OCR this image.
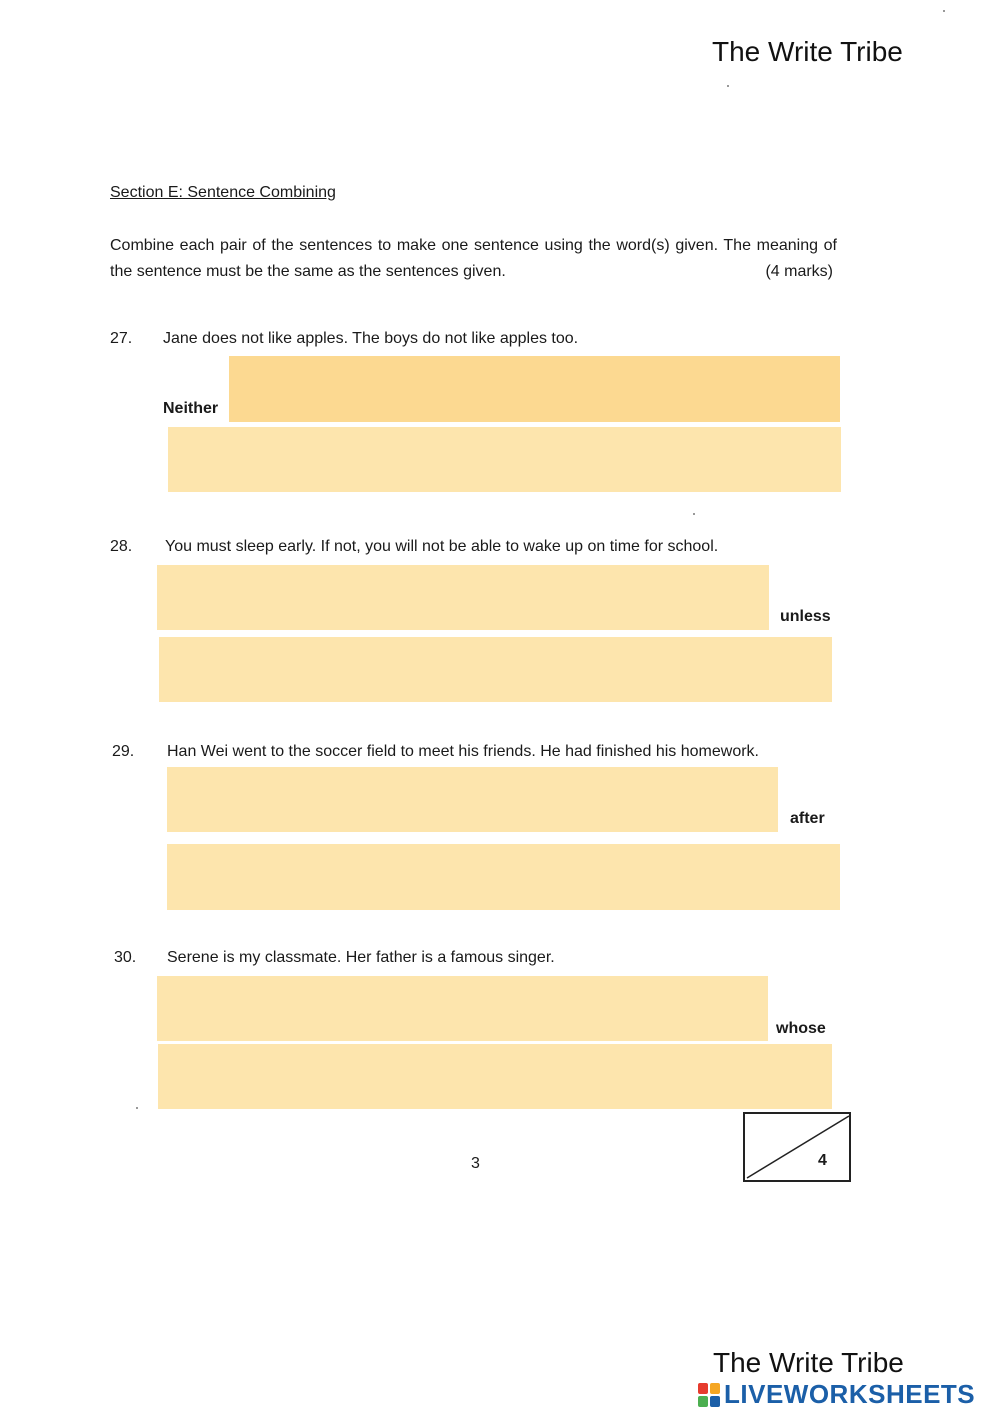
The Write Tribe
Section E: Sentence Combining
Combine each pair of the sentences to make one sentence using the word(s) given. The meaning of the sentence must be the same as the sentences given.	(4 marks)
27. Jane does not like apples. The boys do not like apples too.
Neither
28. You must sleep early. If not, you will not be able to wake up on time for school.
unless
29. Han Wei went to the soccer field to meet his friends. He had finished his homework.
after
30. Serene is my classmate. Her father is a famous singer.
whose
3	4
The Write Tribe
LIVEWORKSHEETS
